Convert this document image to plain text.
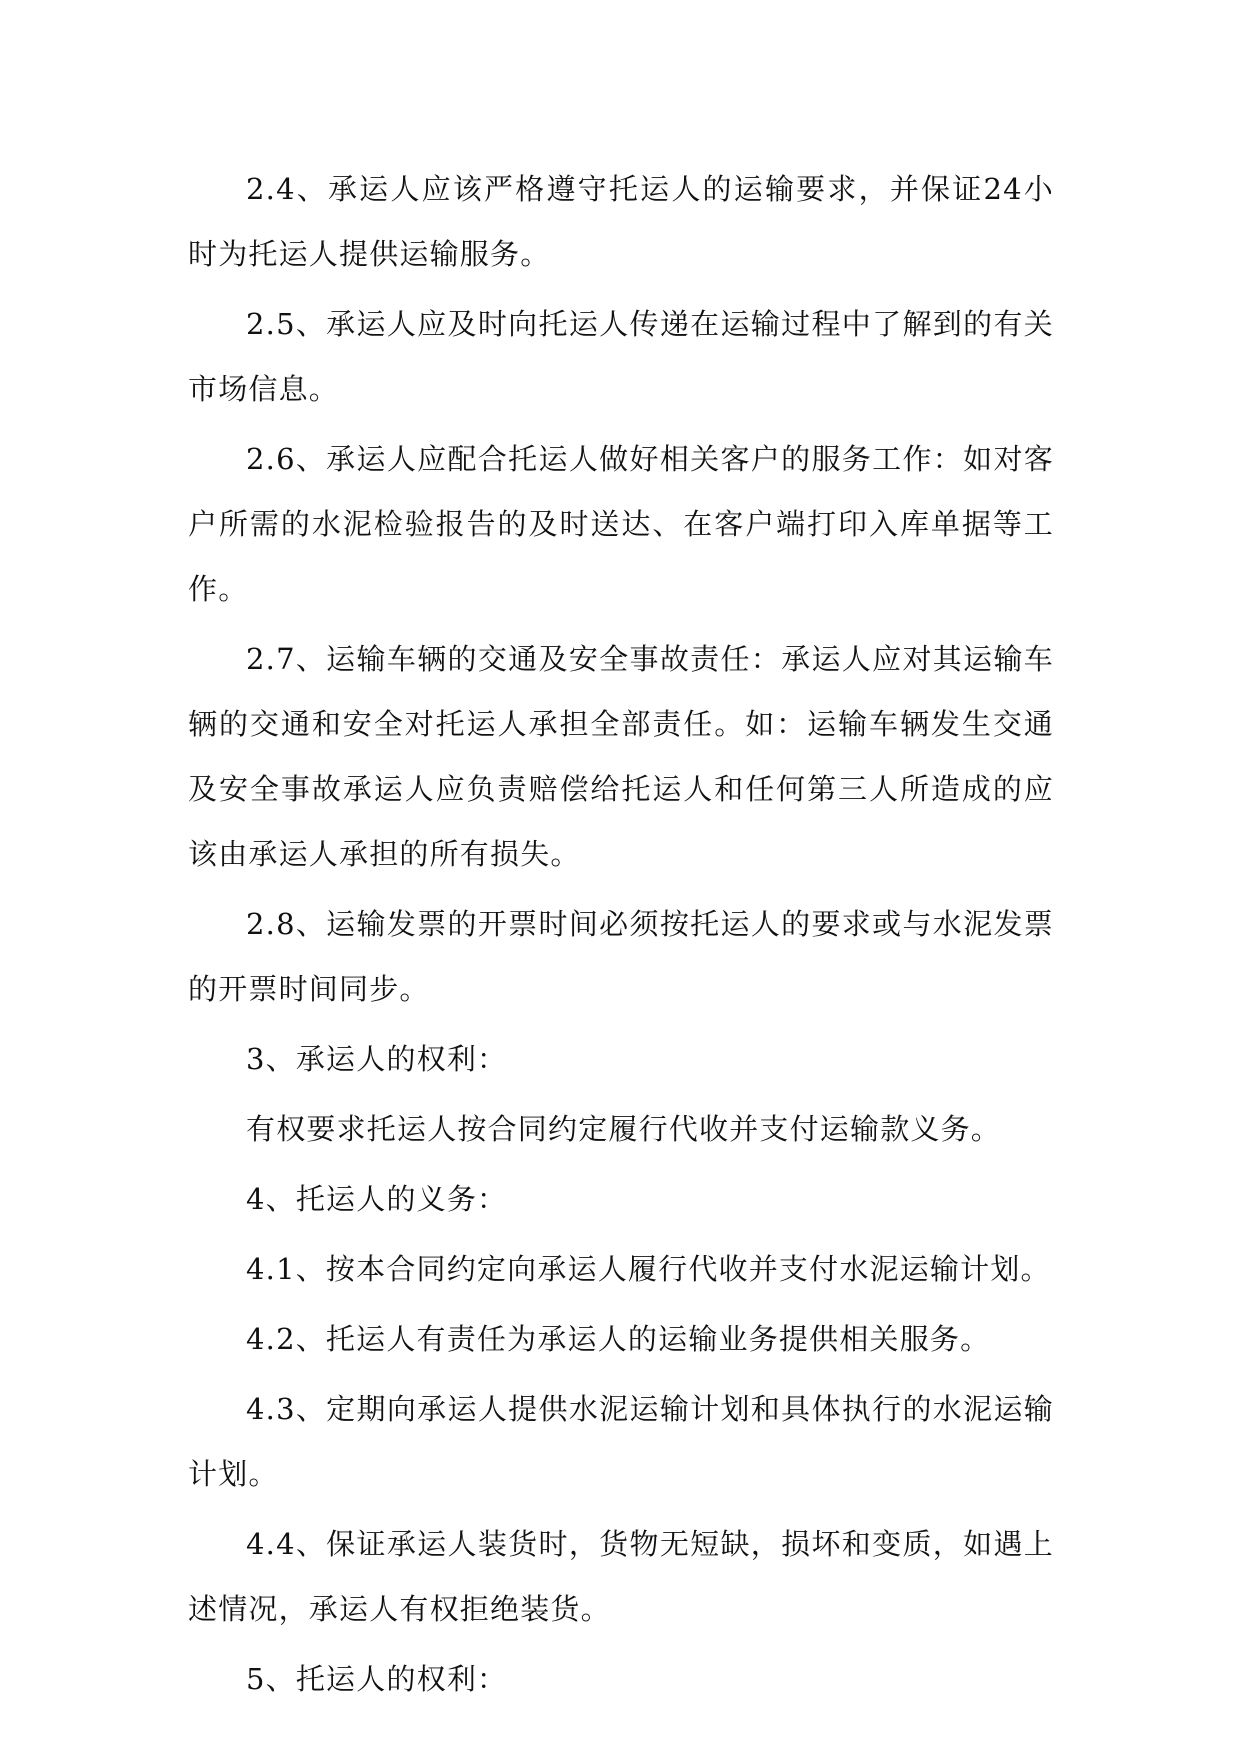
2.4、承运人应该严格遵守托运人的运输要求，并保证24小时为托运人提供运输服务。

2.5、承运人应及时向托运人传递在运输过程中了解到的有关市场信息。

2.6、承运人应配合托运人做好相关客户的服务工作：如对客户所需的水泥检验报告的及时送达、在客户端打印入库单据等工作。

2.7、运输车辆的交通及安全事故责任：承运人应对其运输车辆的交通和安全对托运人承担全部责任。如：运输车辆发生交通及安全事故承运人应负责赔偿给托运人和任何第三人所造成的应该由承运人承担的所有损失。

2.8、运输发票的开票时间必须按托运人的要求或与水泥发票的开票时间同步。

3、承运人的权利：

有权要求托运人按合同约定履行代收并支付运输款义务。

4、托运人的义务：

4.1、按本合同约定向承运人履行代收并支付水泥运输计划。

4.2、托运人有责任为承运人的运输业务提供相关服务。

4.3、定期向承运人提供水泥运输计划和具体执行的水泥运输计划。

4.4、保证承运人装货时，货物无短缺，损坏和变质，如遇上述情况，承运人有权拒绝装货。

5、托运人的权利：
